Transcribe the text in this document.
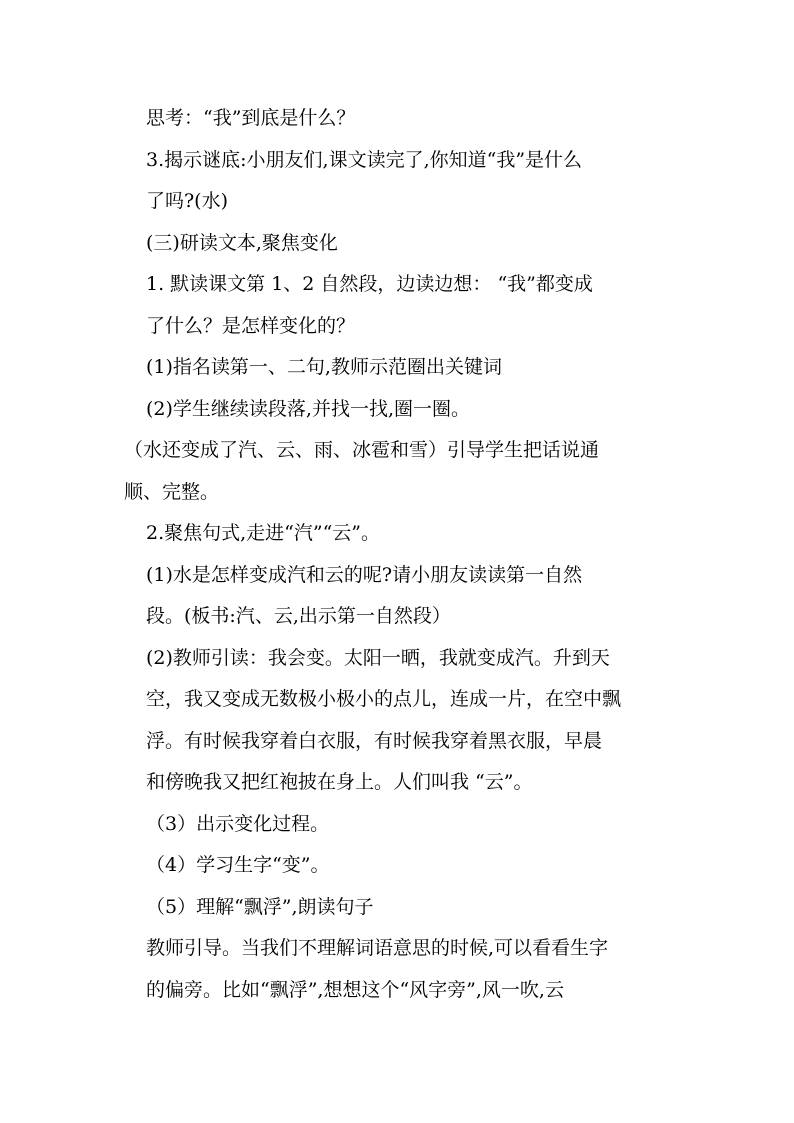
思考：“我”到底是什么？
3.揭示谜底:小朋友们,课文读完了,你知道“我”是什么
了吗?(水)
(三)研读文本,聚焦变化
1. 默读课文第 1、2 自然段，边读边想： “我”都变成
了什么？是怎样变化的？
(1)指名读第一、二句,教师示范圈出关键词
(2)学生继续读段落,并找一找,圈一圈。
（水还变成了汽、云、雨、冰雹和雪）引导学生把话说通
顺、完整。
2.聚焦句式,走进“汽”“云”。
(1)水是怎样变成汽和云的呢?请小朋友读读第一自然
段。(板书:汽、云,出示第一自然段）
(2)教师引读：我会变。太阳一晒，我就变成汽。升到天
空，我又变成无数极小极小的点儿，连成一片，在空中飘
浮。有时候我穿着白衣服，有时候我穿着黑衣服，早晨
和傍晚我又把红袍披在身上。人们叫我 “云”。
（3）出示变化过程。
（4）学习生字“变”。
（5）理解“飘浮”,朗读句子
教师引导。当我们不理解词语意思的时候,可以看看生字
的偏旁。比如“飘浮”,想想这个“风字旁”,风一吹,云
